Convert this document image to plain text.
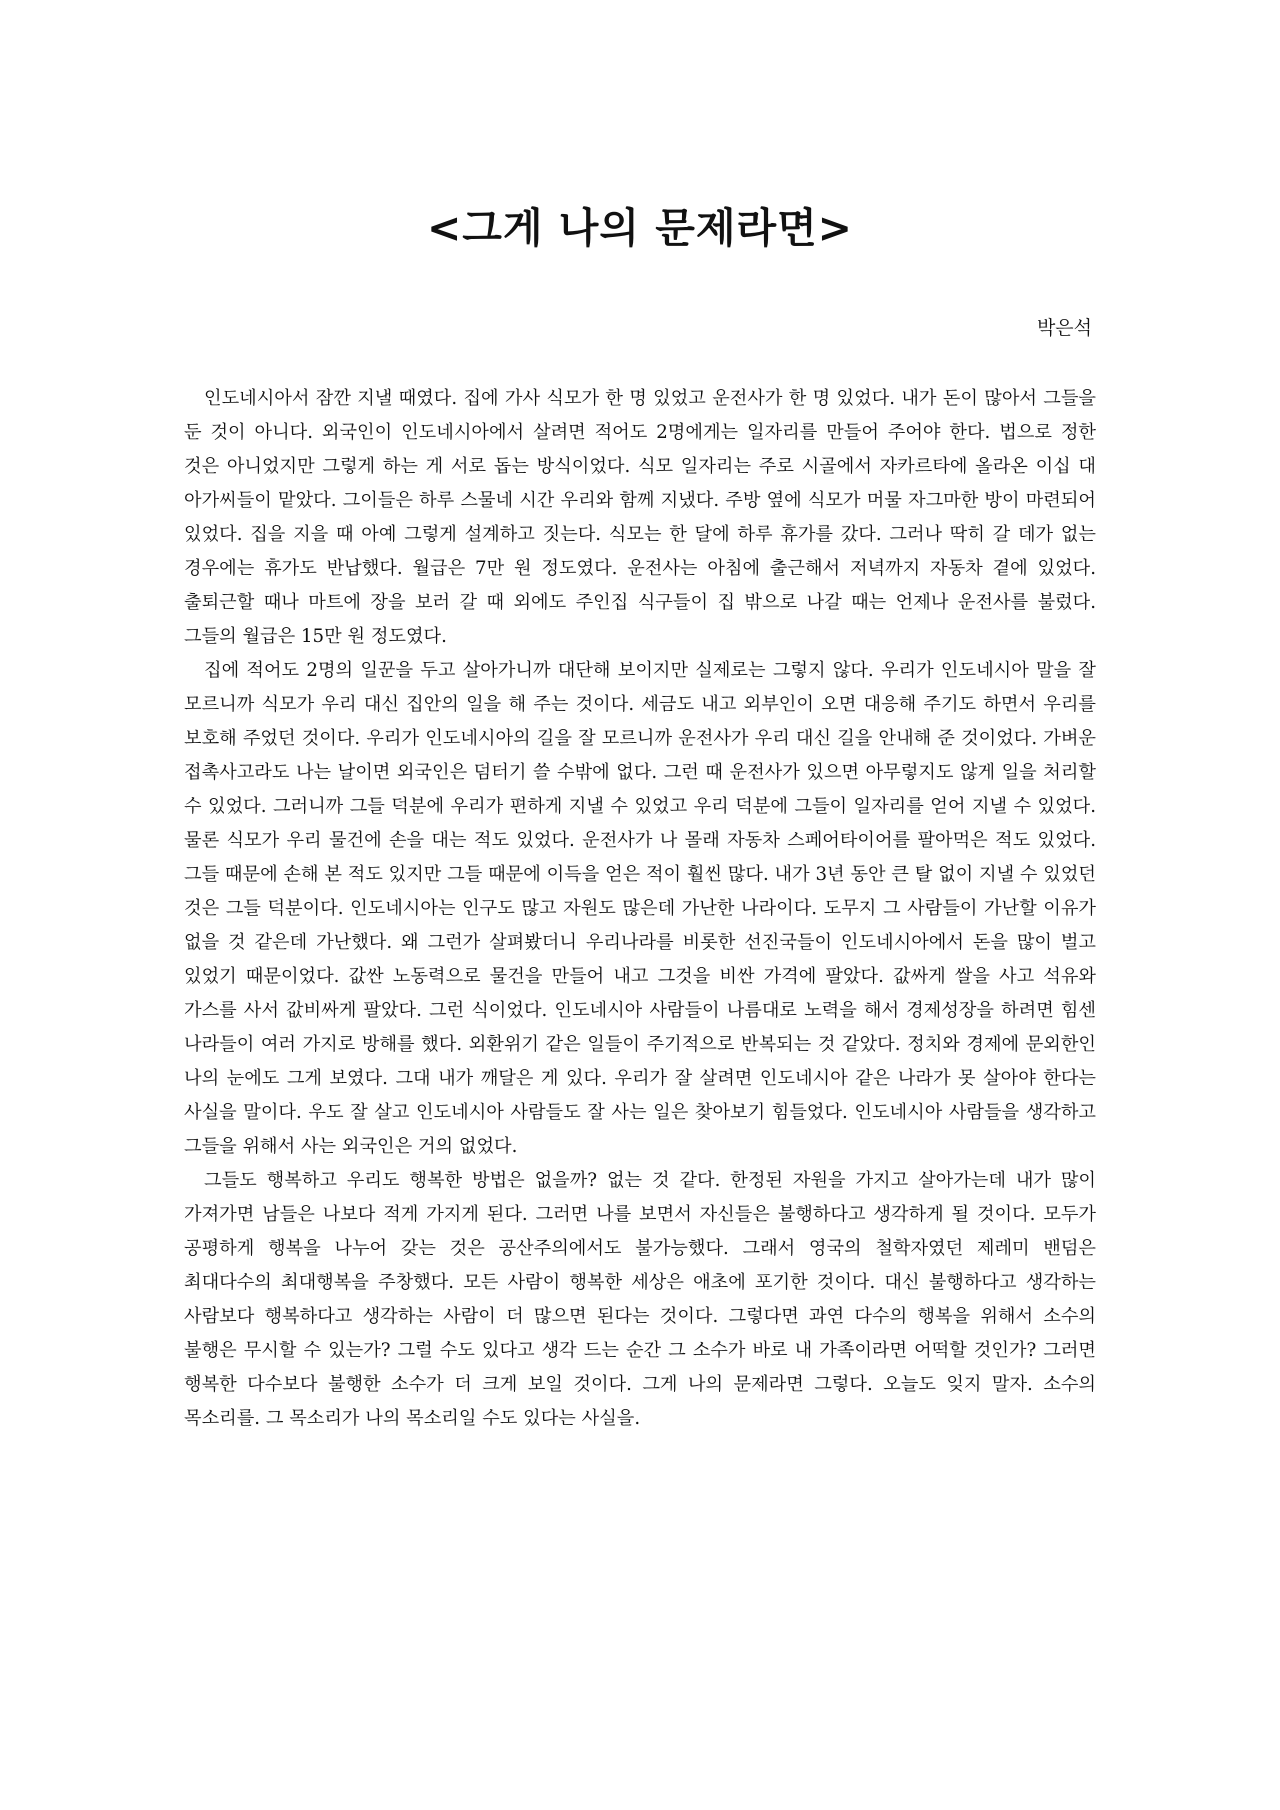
<그게 나의 문제라면>
박은석

인도네시아서 잠깐 지낼 때였다. 집에 가사 식모가 한 명 있었고 운전사가 한 명 있었다. 내가 돈이 많아서 그들을 둔 것이 아니다. 외국인이 인도네시아에서 살려면 적어도 2명에게는 일자리를 만들어 주어야 한다. 법으로 정한 것은 아니었지만 그렇게 하는 게 서로 돕는 방식이었다. 식모 일자리는 주로 시골에서 자카르타에 올라온 이십 대 아가씨들이 맡았다. 그이들은 하루 스물네 시간 우리와 함께 지냈다. 주방 옆에 식모가 머물 자그마한 방이 마련되어 있었다. 집을 지을 때 아예 그렇게 설계하고 짓는다. 식모는 한 달에 하루 휴가를 갔다. 그러나 딱히 갈 데가 없는 경우에는 휴가도 반납했다. 월급은 7만 원 정도였다. 운전사는 아침에 출근해서 저녁까지 자동차 곁에 있었다. 출퇴근할 때나 마트에 장을 보러 갈 때 외에도 주인집 식구들이 집 밖으로 나갈 때는 언제나 운전사를 불렀다. 그들의 월급은 15만 원 정도였다.

집에 적어도 2명의 일꾼을 두고 살아가니까 대단해 보이지만 실제로는 그렇지 않다. 우리가 인도네시아 말을 잘 모르니까 식모가 우리 대신 집안의 일을 해 주는 것이다. 세금도 내고 외부인이 오면 대응해 주기도 하면서 우리를 보호해 주었던 것이다. 우리가 인도네시아의 길을 잘 모르니까 운전사가 우리 대신 길을 안내해 준 것이었다. 가벼운 접촉사고라도 나는 날이면 외국인은 덤터기 쓸 수밖에 없다. 그런 때 운전사가 있으면 아무렇지도 않게 일을 처리할 수 있었다. 그러니까 그들 덕분에 우리가 편하게 지낼 수 있었고 우리 덕분에 그들이 일자리를 얻어 지낼 수 있었다. 물론 식모가 우리 물건에 손을 대는 적도 있었다. 운전사가 나 몰래 자동차 스페어타이어를 팔아먹은 적도 있었다. 그들 때문에 손해 본 적도 있지만 그들 때문에 이득을 얻은 적이 훨씬 많다. 내가 3년 동안 큰 탈 없이 지낼 수 있었던 것은 그들 덕분이다. 인도네시아는 인구도 많고 자원도 많은데 가난한 나라이다. 도무지 그 사람들이 가난할 이유가 없을 것 같은데 가난했다. 왜 그런가 살펴봤더니 우리나라를 비롯한 선진국들이 인도네시아에서 돈을 많이 벌고 있었기 때문이었다. 값싼 노동력으로 물건을 만들어 내고 그것을 비싼 가격에 팔았다. 값싸게 쌀을 사고 석유와 가스를 사서 값비싸게 팔았다. 그런 식이었다. 인도네시아 사람들이 나름대로 노력을 해서 경제성장을 하려면 힘센 나라들이 여러 가지로 방해를 했다. 외환위기 같은 일들이 주기적으로 반복되는 것 같았다. 정치와 경제에 문외한인 나의 눈에도 그게 보였다. 그대 내가 깨달은 게 있다. 우리가 잘 살려면 인도네시아 같은 나라가 못 살아야 한다는 사실을 말이다. 우도 잘 살고 인도네시아 사람들도 잘 사는 일은 찾아보기 힘들었다. 인도네시아 사람들을 생각하고 그들을 위해서 사는 외국인은 거의 없었다.

그들도 행복하고 우리도 행복한 방법은 없을까? 없는 것 같다. 한정된 자원을 가지고 살아가는데 내가 많이 가져가면 남들은 나보다 적게 가지게 된다. 그러면 나를 보면서 자신들은 불행하다고 생각하게 될 것이다. 모두가 공평하게 행복을 나누어 갖는 것은 공산주의에서도 불가능했다. 그래서 영국의 철학자였던 제레미 밴덤은 최대다수의 최대행복을 주창했다. 모든 사람이 행복한 세상은 애초에 포기한 것이다. 대신 불행하다고 생각하는 사람보다 행복하다고 생각하는 사람이 더 많으면 된다는 것이다. 그렇다면 과연 다수의 행복을 위해서 소수의 불행은 무시할 수 있는가? 그럴 수도 있다고 생각 드는 순간 그 소수가 바로 내 가족이라면 어떡할 것인가? 그러면 행복한 다수보다 불행한 소수가 더 크게 보일 것이다. 그게 나의 문제라면 그렇다. 오늘도 잊지 말자. 소수의 목소리를. 그 목소리가 나의 목소리일 수도 있다는 사실을.
